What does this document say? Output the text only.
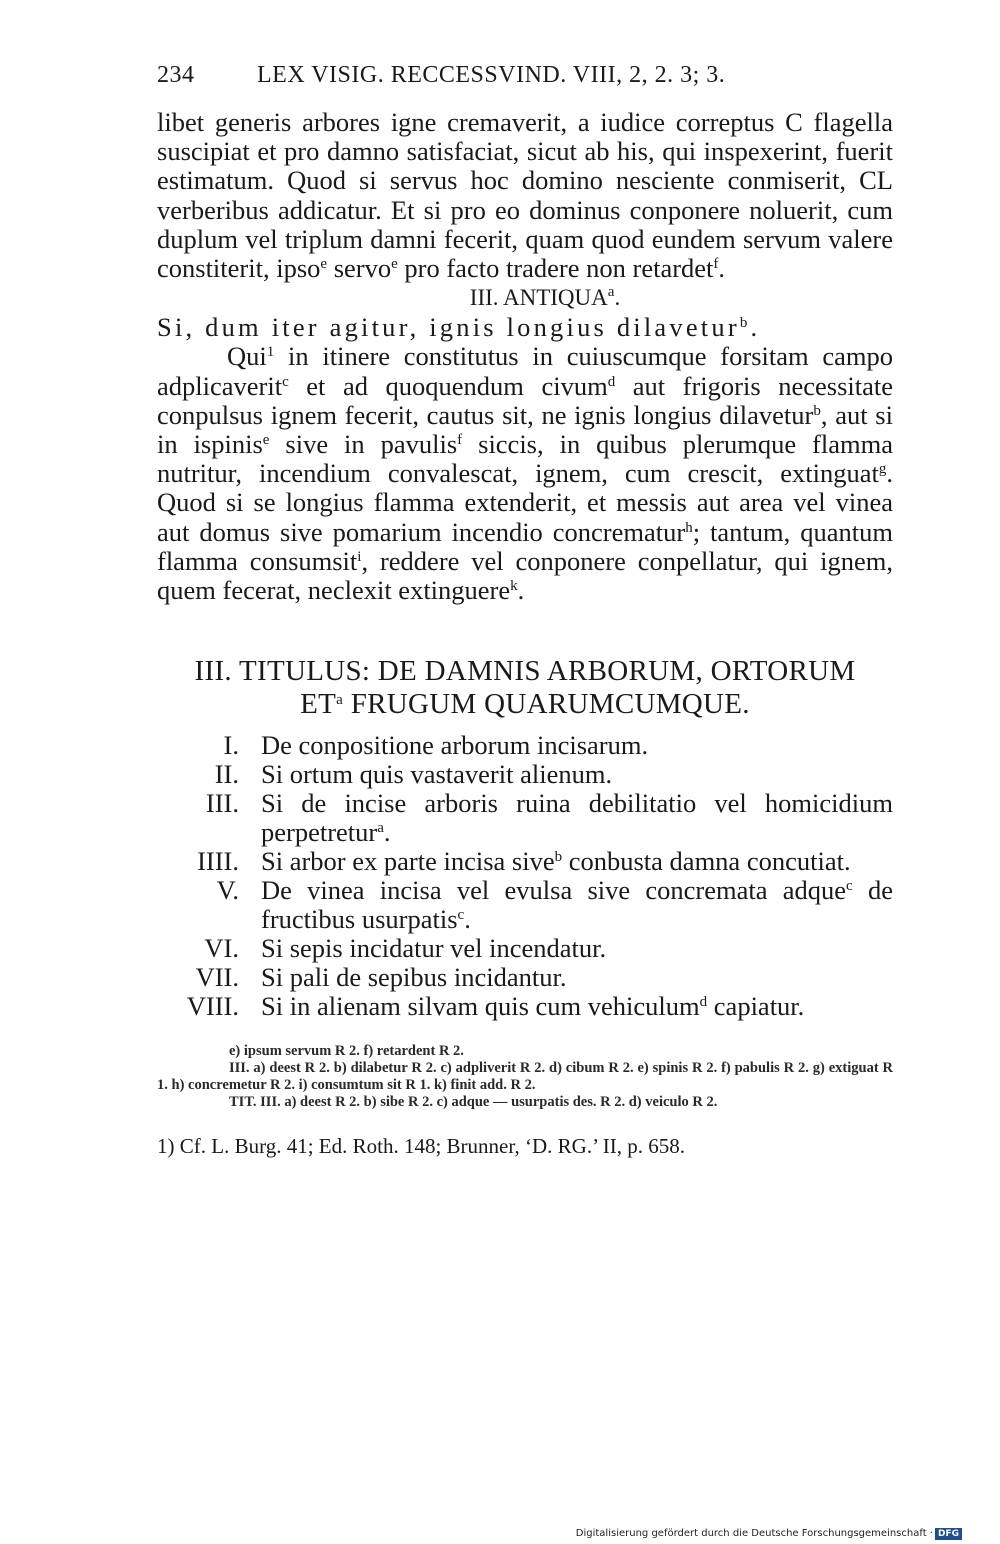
234	LEX VISIG. RECCESSVIND. VIII, 2, 2. 3; 3.

libet generis arbores igne cremaverit, a iudice correptus C flagella suscipiat et pro damno satisfaciat, sicut ab his, qui inspexerint, fuerit estimatum. Quod si servus hoc domino nesciente conmiserit, CL verberibus addicatur. Et si pro eo dominus conponere noluerit, cum duplum vel triplum damni fecerit, quam quod eundem servum valere constiterit, ipso$^e$ servo$^e$ pro facto tradere non retardet$^f$.

III. ANTIQUA$^a$.

Si, dum iter agitur, ignis longius dilavetur$^b$.

Qui$^1$ in itinere constitutus in cuiuscumque forsitam campo adplicaverit$^c$ et ad quoquendum civum$^d$ aut frigoris necessitate conpulsus ignem fecerit, cautus sit, ne ignis longius dilavetur$^b$, aut si in ispinis$^e$ sive in pavulis$^f$ siccis, in quibus plerumque flamma nutritur, incendium convalescat, ignem, cum crescit, extinguat$^g$. Quod si se longius flamma extenderit, et messis aut area vel vinea aut domus sive pomarium incendio concrematur$^h$; tantum, quantum flamma consumsit$^i$, reddere vel conponere conpellatur, qui ignem, quem fecerat, neclexit extinguere$^k$.

III. TITULUS: DE DAMNIS ARBORUM, ORTORUM
$ET^a$ FRUGUM QUARUMCUMQUE.
I. De conpositione arborum incisarum.
II. Si ortum quis vastaverit alienum.
III. Si de incise arboris ruina debilitatio vel homicidium perpetretur$^a$.
IIII. Si arbor ex parte incisa sive$^b$ conbusta damna concutiat.
V. De vinea incisa vel evulsa sive concremata adque$^c$ de fructibus usurpatis$^c$.
VI. Si sepis incidatur vel incendatur.
VII. Si pali de sepibus incidantur.
VIII. Si in alienam silvam quis cum vehiculum$^d$ capiatur.

e) ipsum servum R 2. f) retardent R 2.

III. a) deest R 2. b) dilabetur R 2. c) adpliverit R 2. d) cibum R 2. e) spinis R 2. f) pabulis R 2. g) extiguat R 1. h) concremetur R 2. i) consumtum sit R 1. k) finit add. R 2.

TIT. III. a) deest R 2. b) sibe R 2. c) adque — usurpatis des. R 2. d) veiculo R 2.

1) Cf. L. Burg. 41; Ed. Roth. 148; Brunner, ‘D. RG.’ II, p. 658.
Digitalisierung gefördert durch die Deutsche Forschungsgemeinschaft · DFG
